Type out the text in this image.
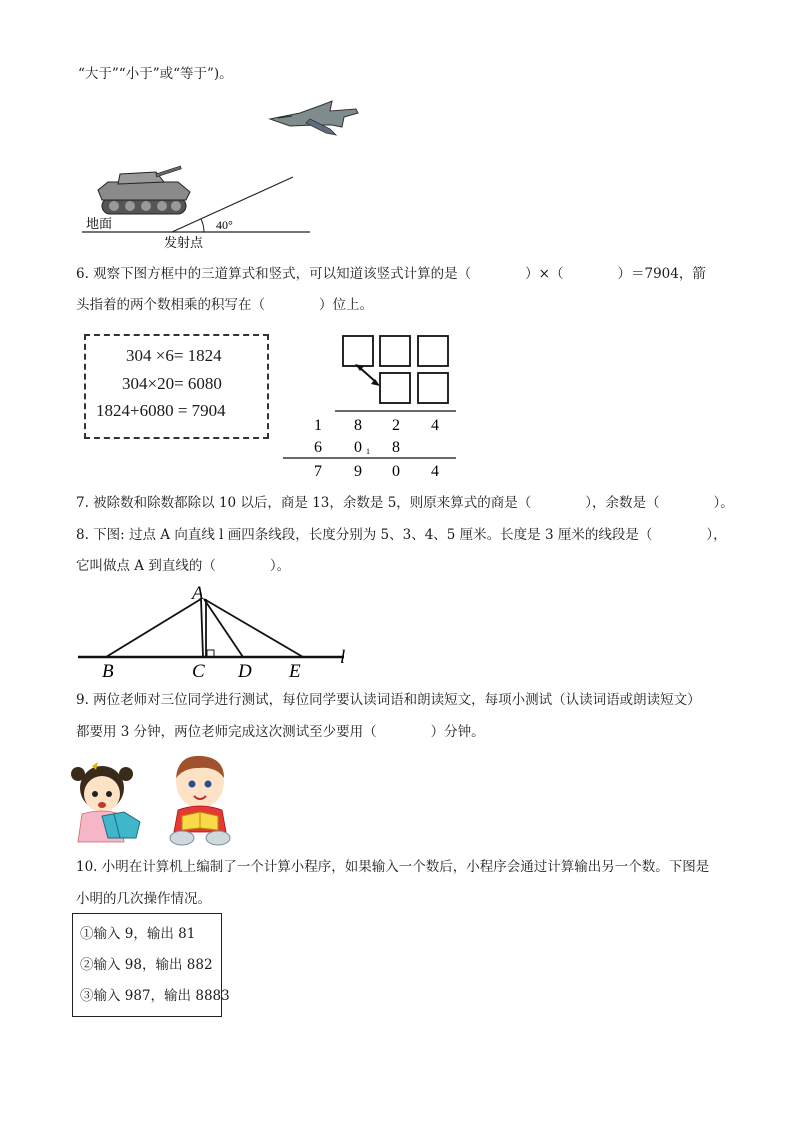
“大于”“小于”或“等于”)。
地面	40°
发射点
6. 观察下图方框中的三道算式和竖式，可以知道该竖式计算的是（　　　　）×（　　　　）＝7904，箭
头指着的两个数相乘的积写在（　　　　）位上。
304 ×6= 1824
304×20= 6080
1824+6080 = 7904
1 8 2 4
6 0 1 8
7 9 0 4
7. 被除数和除数都除以 10 以后，商是 13，余数是 5，则原来算式的商是（　　　　），余数是（　　　　）。
8. 下图: 过点 A 向直线 l 画四条线段，长度分别为 5、3、4、5 厘米。长度是 3 厘米的线段是（　　　　），
它叫做点 A 到直线的（　　　　）。
A
B	C D E
l
9. 两位老师对三位同学进行测试，每位同学要认读词语和朗读短文，每项小测试（认读词语或朗读短文）
都要用 3 分钟，两位老师完成这次测试至少要用（　　　　）分钟。
10. 小明在计算机上编制了一个计算小程序，如果输入一个数后，小程序会通过计算输出另一个数。下图是
小明的几次操作情况。
①输入 9，输出 81
②输入 98，输出 882
③输入 987，输出 8883
